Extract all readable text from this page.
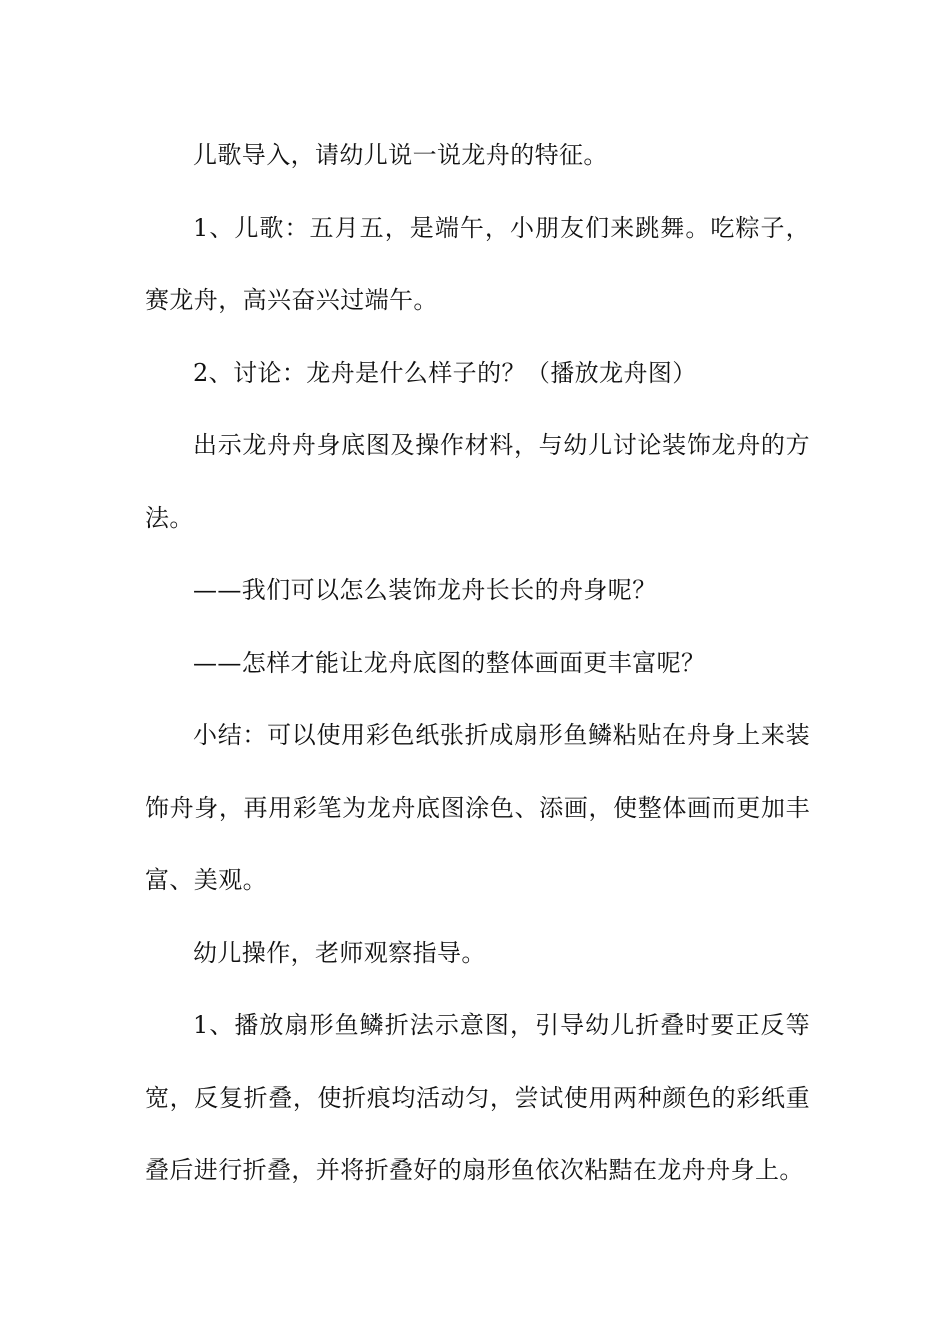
儿歌导入，请幼儿说一说龙舟的特征。

1、儿歌：五月五，是端午，小朋友们来跳舞。吃粽子，赛龙舟，高兴奋兴过端午。

2、讨论：龙舟是什么样子的？（播放龙舟图）

出示龙舟舟身底图及操作材料，与幼儿讨论装饰龙舟的方法。

——我们可以怎么装饰龙舟长长的舟身呢？

——怎样才能让龙舟底图的整体画面更丰富呢？

小结：可以使用彩色纸张折成扇形鱼鳞粘贴在舟身上来装饰舟身，再用彩笔为龙舟底图涂色、添画，使整体画而更加丰富、美观。

幼儿操作，老师观察指导。

1、播放扇形鱼鳞折法示意图，引导幼儿折叠时要正反等宽，反复折叠，使折痕均活动匀，尝试使用两种颜色的彩纸重叠后进行折叠，并将折叠好的扇形鱼依次粘黠在龙舟舟身上。
